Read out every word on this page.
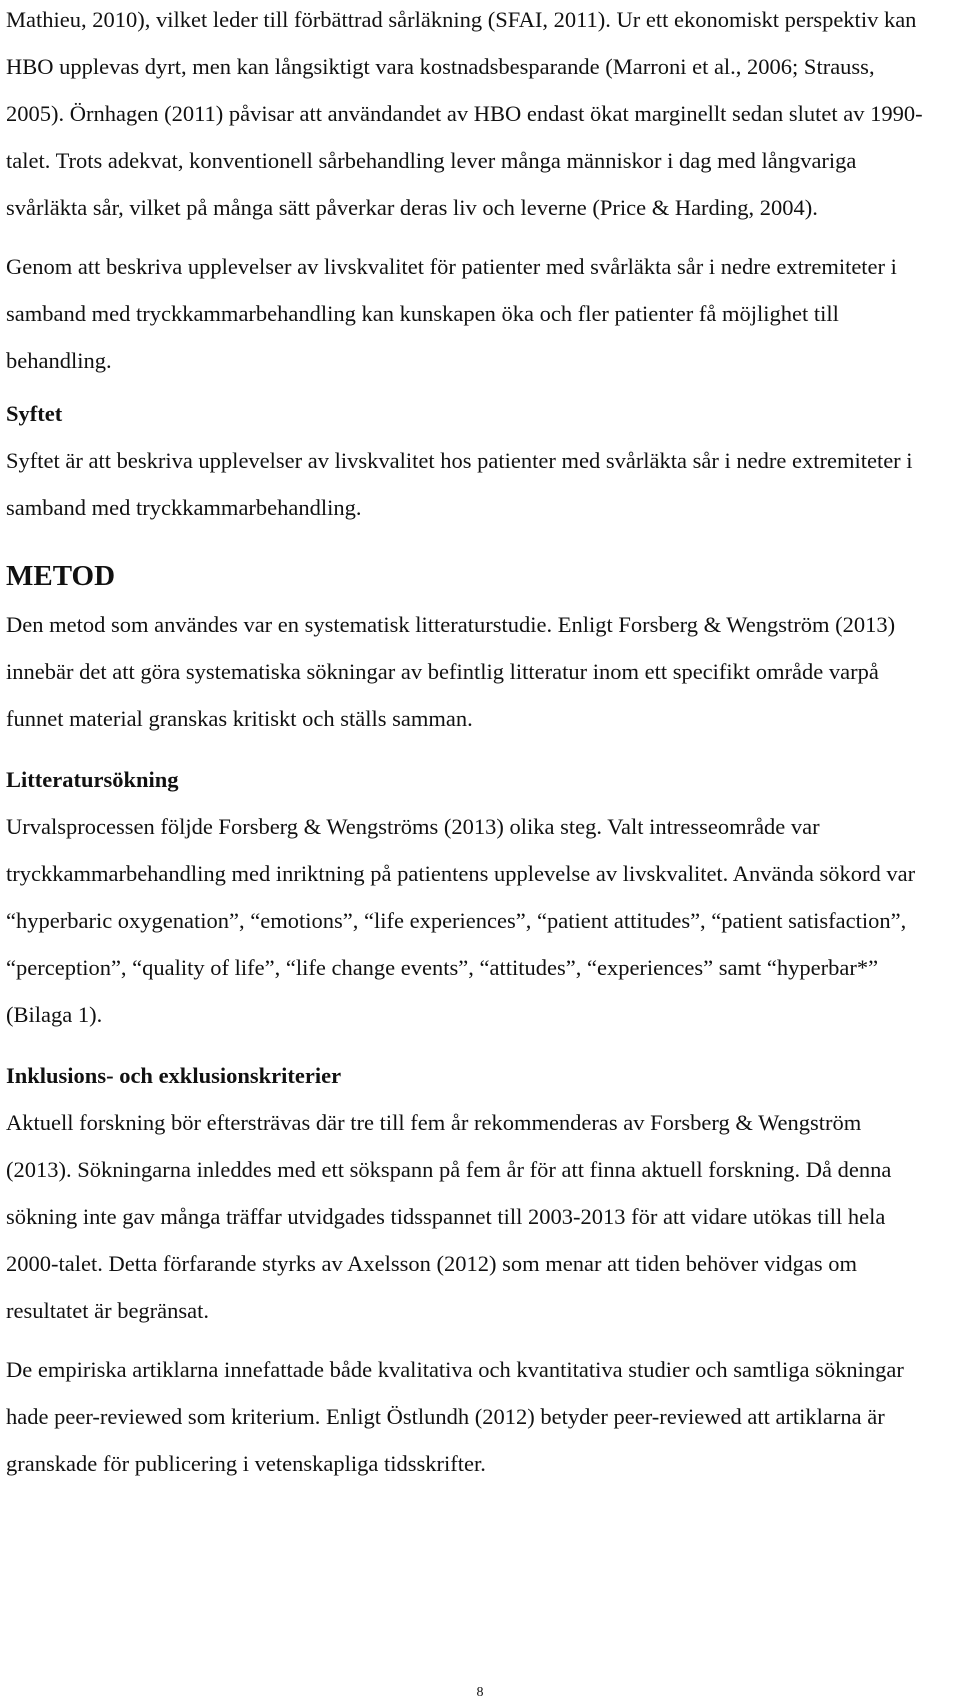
Mathieu, 2010), vilket leder till förbättrad sårläkning (SFAI, 2011). Ur ett ekonomiskt perspektiv kan HBO upplevas dyrt, men kan långsiktigt vara kostnadsbesparande (Marroni et al., 2006; Strauss, 2005). Örnhagen (2011) påvisar att användandet av HBO endast ökat marginellt sedan slutet av 1990-talet. Trots adekvat, konventionell sårbehandling lever många människor i dag med långvariga svårläkta sår, vilket på många sätt påverkar deras liv och leverne (Price & Harding, 2004).

Genom att beskriva upplevelser av livskvalitet för patienter med svårläkta sår i nedre extremiteter i samband med tryckkammarbehandling kan kunskapen öka och fler patienter få möjlighet till behandling.

Syftet

Syftet är att beskriva upplevelser av livskvalitet hos patienter med svårläkta sår i nedre extremiteter i samband med tryckkammarbehandling.

METOD

Den metod som användes var en systematisk litteraturstudie. Enligt Forsberg & Wengström (2013) innebär det att göra systematiska sökningar av befintlig litteratur inom ett specifikt område varpå funnet material granskas kritiskt och ställs samman.

Litteratursökning

Urvalsprocessen följde Forsberg & Wengströms (2013) olika steg. Valt intresseområde var tryckkammarbehandling med inriktning på patientens upplevelse av livskvalitet. Använda sökord var “hyperbaric oxygenation”, “emotions”, “life experiences”, “patient attitudes”, “patient satisfaction”, “perception”, “quality of life”, “life change events”, “attitudes”, “experiences” samt “hyperbar*” (Bilaga 1).

Inklusions- och exklusionskriterier

Aktuell forskning bör eftersträvas där tre till fem år rekommenderas av Forsberg & Wengström (2013). Sökningarna inleddes med ett sökspann på fem år för att finna aktuell forskning. Då denna sökning inte gav många träffar utvidgades tidsspannet till 2003-2013 för att vidare utökas till hela 2000-talet. Detta förfarande styrks av Axelsson (2012) som menar att tiden behöver vidgas om resultatet är begränsat.

De empiriska artiklarna innefattade både kvalitativa och kvantitativa studier och samtliga sökningar hade peer-reviewed som kriterium. Enligt Östlundh (2012) betyder peer-reviewed att artiklarna är granskade för publicering i vetenskapliga tidsskrifter.

8
